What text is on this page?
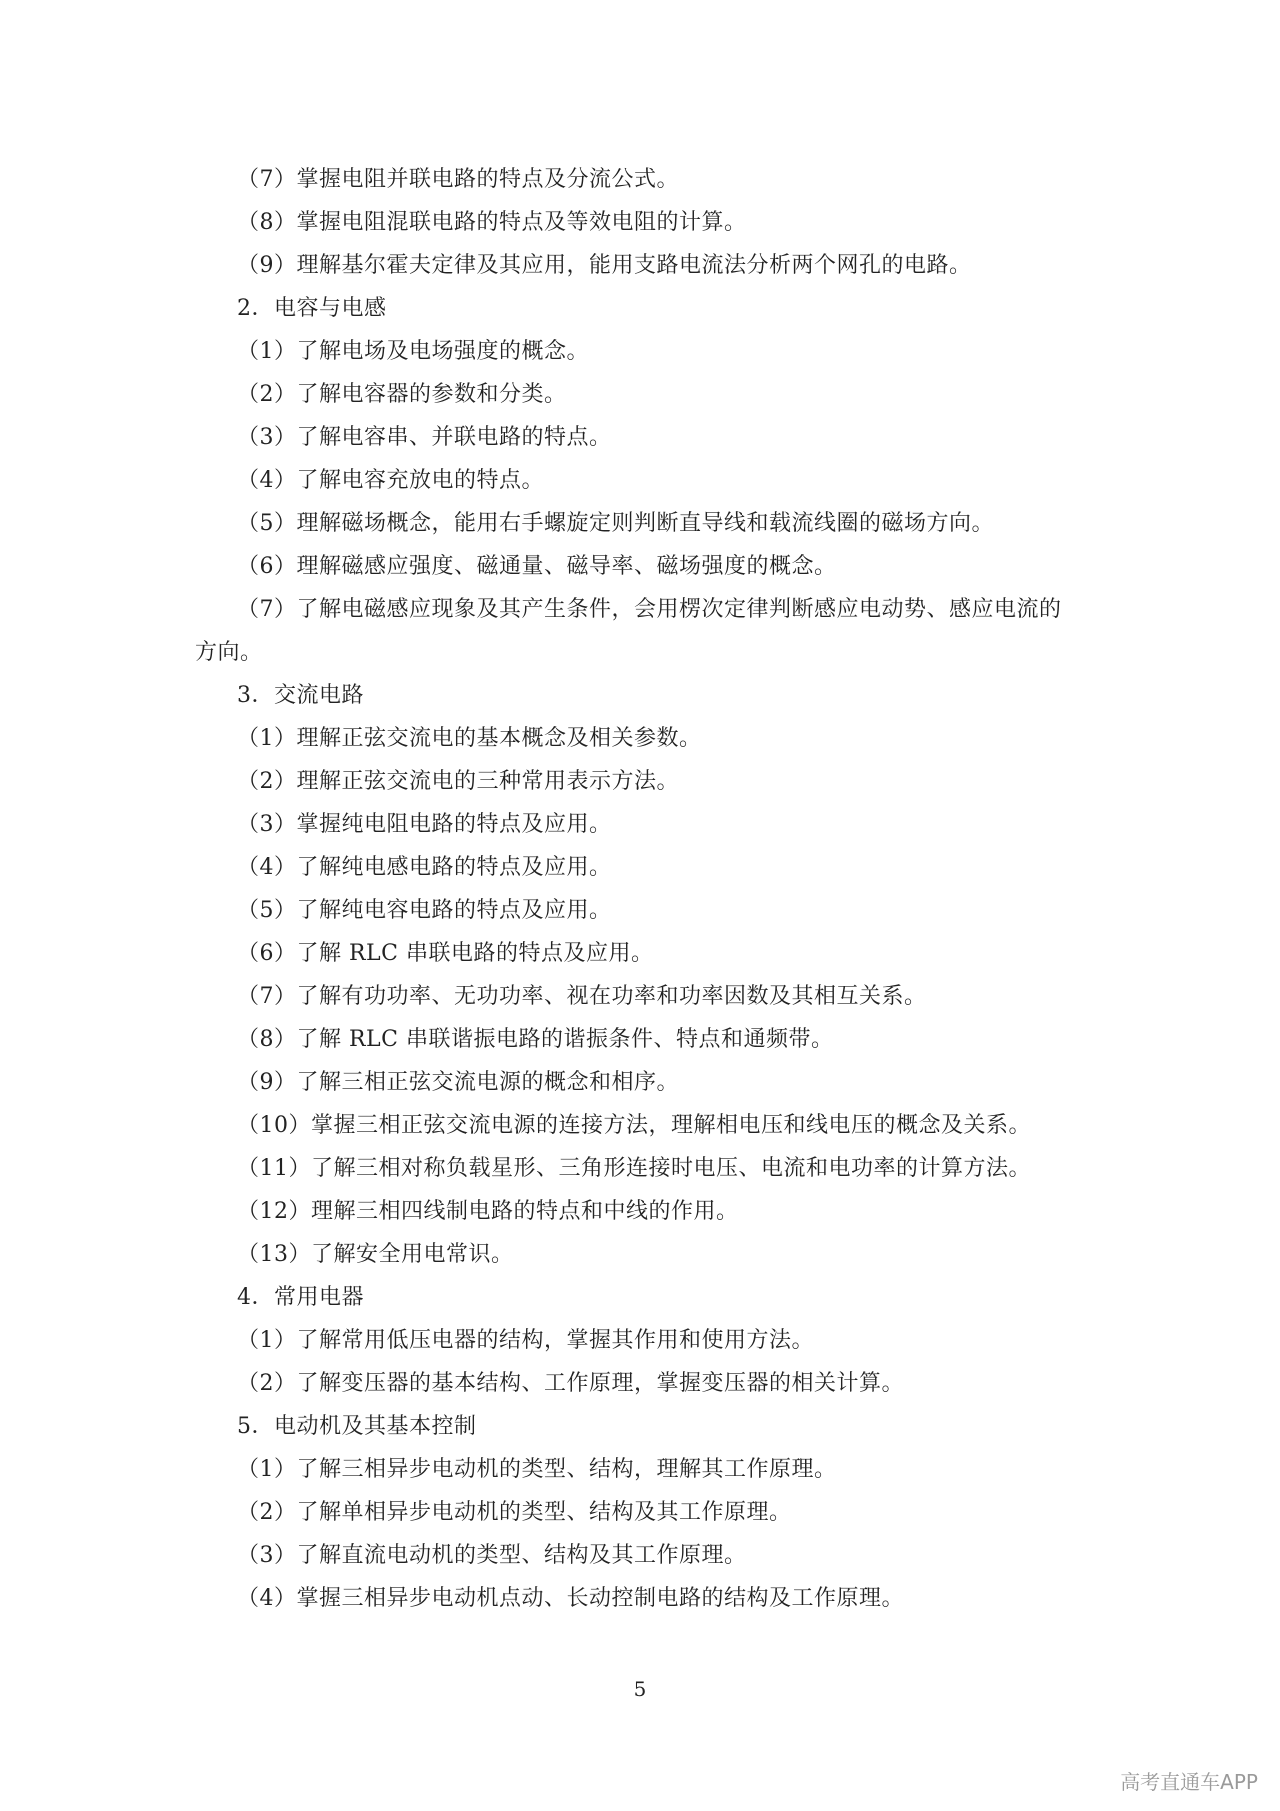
（7）掌握电阻并联电路的特点及分流公式。
（8）掌握电阻混联电路的特点及等效电阻的计算。
（9）理解基尔霍夫定律及其应用，能用支路电流法分析两个网孔的电路。
2．电容与电感
（1）了解电场及电场强度的概念。
（2）了解电容器的参数和分类。
（3）了解电容串、并联电路的特点。
（4）了解电容充放电的特点。
（5）理解磁场概念，能用右手螺旋定则判断直导线和载流线圈的磁场方向。
（6）理解磁感应强度、磁通量、磁导率、磁场强度的概念。
（7）了解电磁感应现象及其产生条件，会用楞次定律判断感应电动势、感应电流的
方向。
3．交流电路
（1）理解正弦交流电的基本概念及相关参数。
（2）理解正弦交流电的三种常用表示方法。
（3）掌握纯电阻电路的特点及应用。
（4）了解纯电感电路的特点及应用。
（5）了解纯电容电路的特点及应用。
（6）了解 RLC 串联电路的特点及应用。
（7）了解有功功率、无功功率、视在功率和功率因数及其相互关系。
（8）了解 RLC 串联谐振电路的谐振条件、特点和通频带。
（9）了解三相正弦交流电源的概念和相序。
（10）掌握三相正弦交流电源的连接方法，理解相电压和线电压的概念及关系。
（11）了解三相对称负载星形、三角形连接时电压、电流和电功率的计算方法。
（12）理解三相四线制电路的特点和中线的作用。
（13）了解安全用电常识。
4．常用电器
（1）了解常用低压电器的结构，掌握其作用和使用方法。
（2）了解变压器的基本结构、工作原理，掌握变压器的相关计算。
5．电动机及其基本控制
（1）了解三相异步电动机的类型、结构，理解其工作原理。
（2）了解单相异步电动机的类型、结构及其工作原理。
（3）了解直流电动机的类型、结构及其工作原理。
（4）掌握三相异步电动机点动、长动控制电路的结构及工作原理。
5
高考直通车APP
